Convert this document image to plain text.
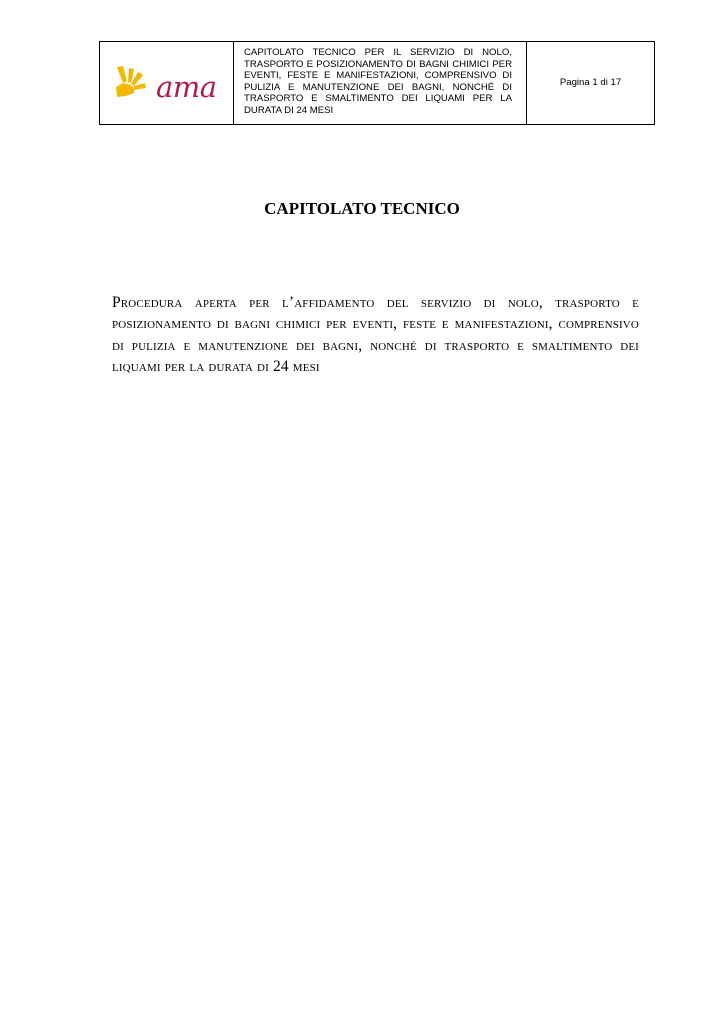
ama

CAPITOLATO TECNICO PER IL SERVIZIO DI NOLO, TRASPORTO E POSIZIONAMENTO DI BAGNI CHIMICI PER EVENTI, FESTE E MANIFESTAZIONI, COMPRENSIVO DI PULIZIA E MANUTENZIONE DEI BAGNI, NONCHÉ DI TRASPORTO E SMALTIMENTO DEI LIQUAMI PER LA DURATA DI 24 MESI

Pagina 1 di 17
CAPITOLATO TECNICO

Procedura aperta per l’affidamento del servizio di nolo, trasporto e posizionamento di bagni chimici per eventi, feste e manifestazioni, comprensivo di pulizia e manutenzione dei bagni, nonché di trasporto e smaltimento dei liquami per la durata di 24 mesi
